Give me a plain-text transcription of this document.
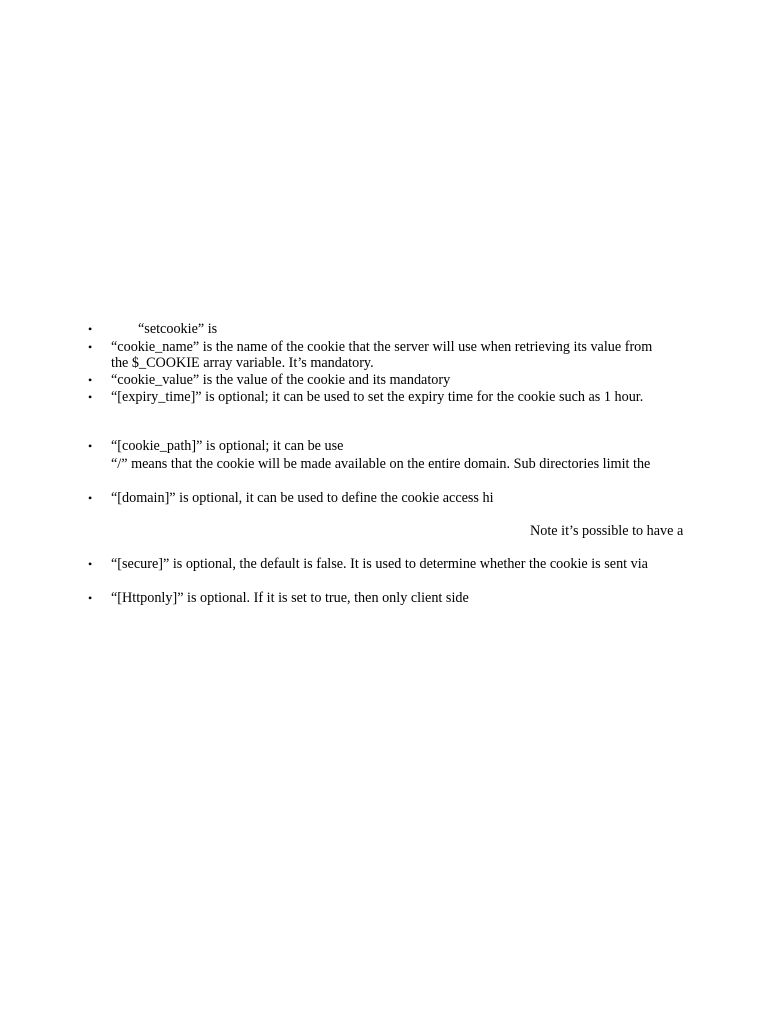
•	“setcookie” is
• “cookie_name” is the name of the cookie that the server will use when retrieving its value from
the $_COOKIE array variable. It’s mandatory.
• “cookie_value” is the value of the cookie and its mandatory
• “[expiry_time]” is optional; it can be used to set the expiry time for the cookie such as 1 hour.
• “[cookie_path]” is optional; it can be use
“/” means that the cookie will be made available on the entire domain. Sub directories limit the
• “[domain]” is optional, it can be used to define the cookie access hi
Note it’s possible to have a
• “[secure]” is optional, the default is false. It is used to determine whether the cookie is sent via
• “[Httponly]” is optional. If it is set to true, then only client side
